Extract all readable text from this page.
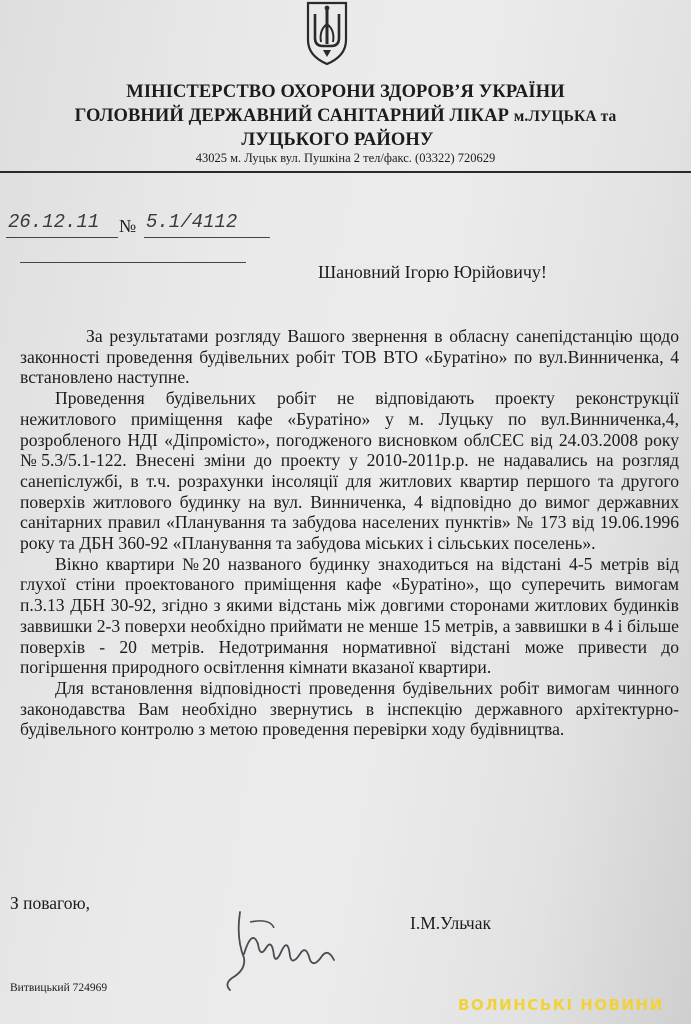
МІНІСТЕРСТВО ОХОРОНИ ЗДОРОВ’Я УКРАЇНИ
ГОЛОВНИЙ ДЕРЖАВНИЙ САНІТАРНИЙ ЛІКАР м.ЛУЦЬКА та
ЛУЦЬКОГО РАЙОНУ
43025 м. Луцьк вул. Пушкіна 2 тел/факс. (03322) 720629
26.12.11 № 5.1/4112
Шановний Ігорю Юрійовичу!

За результатами розгляду Вашого звернення в обласну санепідстанцію щодо законності проведення будівельних робіт ТОВ ВТО «Буратіно» по вул.Винниченка, 4 встановлено наступне.

Проведення будівельних робіт не відповідають проекту реконструкції нежитлового приміщення кафе «Буратіно» у м. Луцьку по вул.Винниченка,4, розробленого НДІ «Діпромісто», погодженого висновком облСЕС від 24.03.2008 року №5.3/5.1-122. Внесені зміни до проекту у 2010-2011р.р. не надавались на розгляд санепіслужбі, в т.ч. розрахунки інсоляції для житлових квартир першого та другого поверхів житлового будинку на вул. Винниченка, 4 відповідно до вимог державних санітарних правил «Планування та забудова населених пунктів» № 173 від 19.06.1996 року та ДБН 360-92 «Планування та забудова міських і сільських поселень».

Вікно квартири №20 названого будинку знаходиться на відстані 4-5 метрів від глухої стіни проектованого приміщення кафе «Буратіно», що суперечить вимогам п.3.13 ДБН 30-92, згідно з якими відстань між довгими сторонами житлових будинків заввишки 2-3 поверхи необхідно приймати не менше 15 метрів, а заввишки в 4 і більше поверхів - 20 метрів. Недотримання нормативної відстані може привести до погіршення природного освітлення кімнати вказаної квартири.

Для встановлення відповідності проведення будівельних робіт вимогам чинного законодавства Вам необхідно звернутись в інспекцію державного архітектурно-будівельного контролю з метою проведення перевірки ходу будівництва.

З повагою,
І.М.Ульчак
Витвицький 724969
ВОЛИНСЬКІ НОВИНИ
